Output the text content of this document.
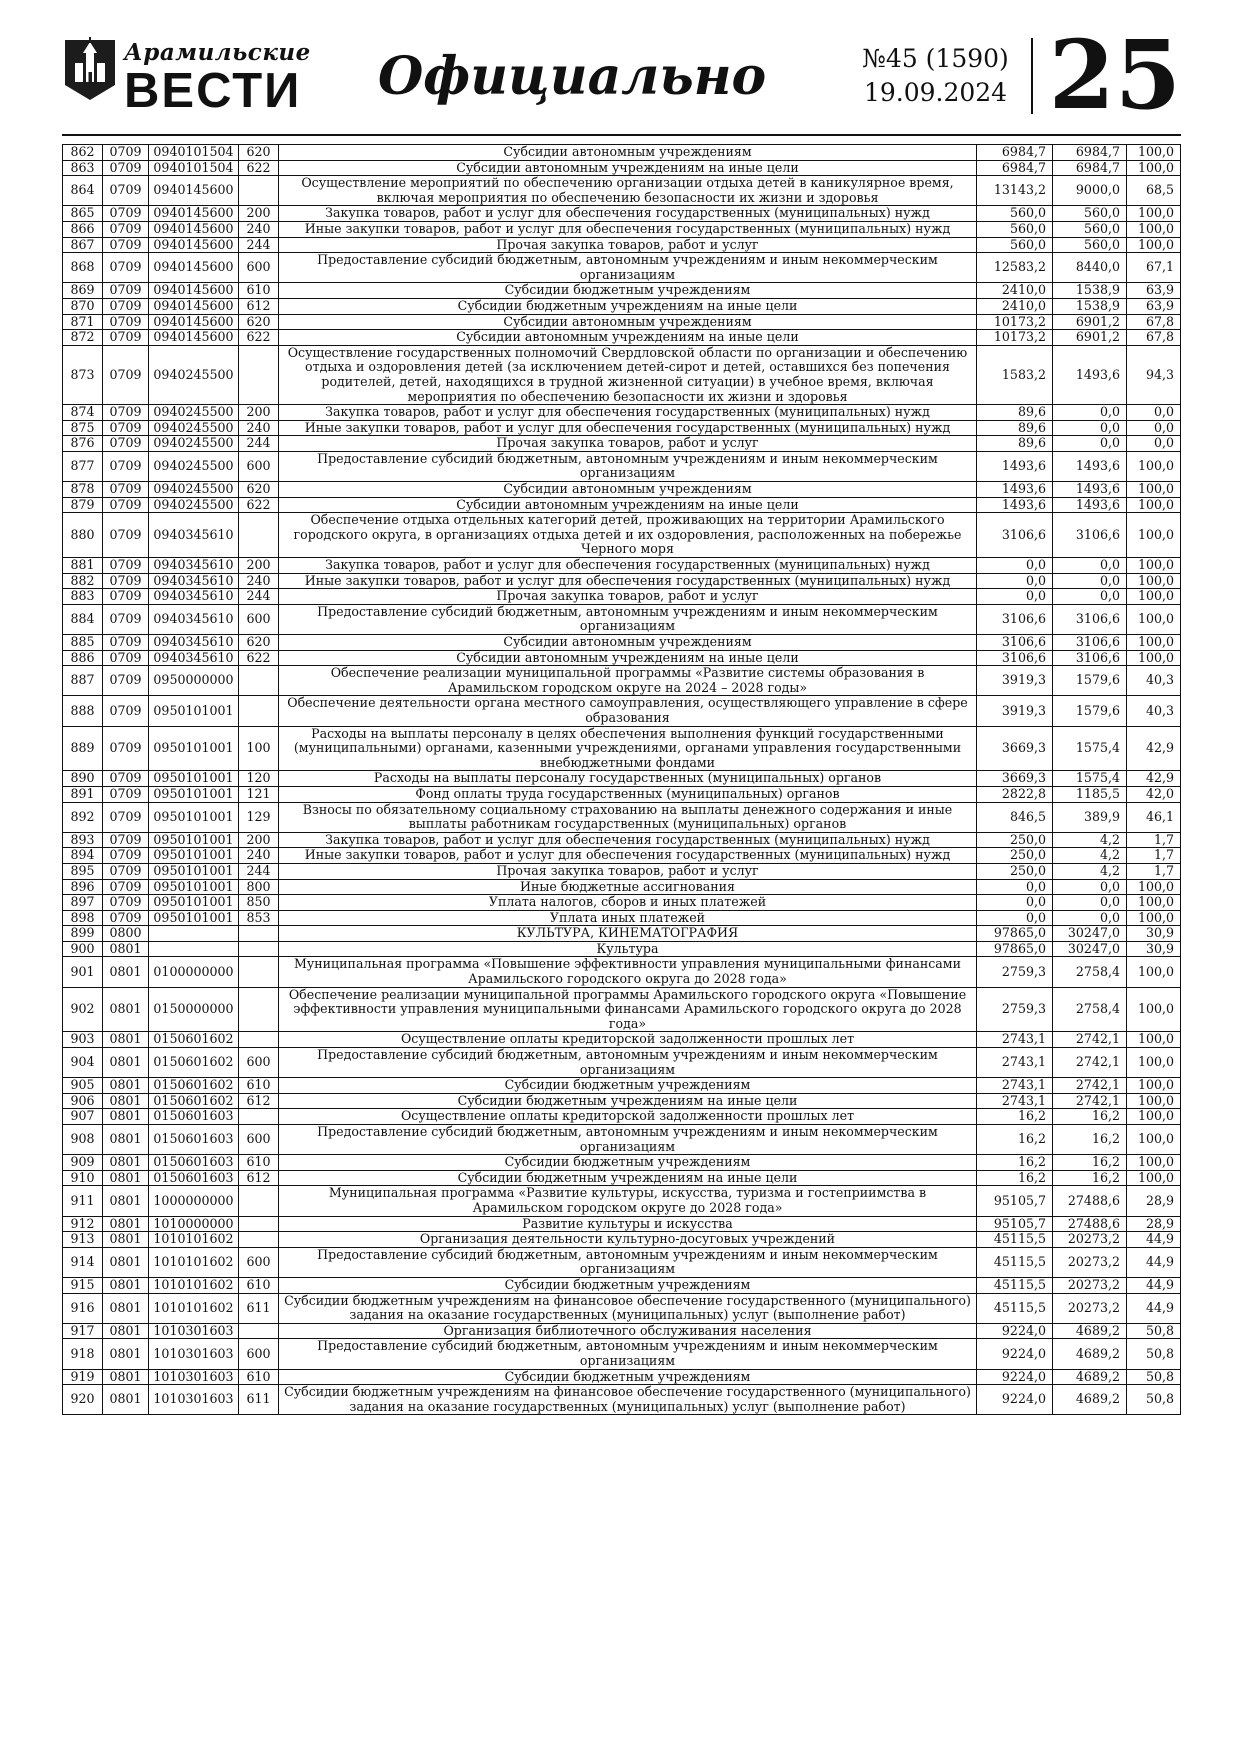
Арамильские
ВЕСТИ	Официально	№45 (1590)
19.09.2024 25
862	0709	0940101504	620	Субсидии автономным учреждениям	6984,7	6984,7	100,0
863	0709	0940101504	622	Субсидии автономным учреждениям на иные цели	6984,7	6984,7	100,0
864	0709	0940145600		Осуществление мероприятий по обеспечению организации отдыха детей в каникулярное время, включая мероприятия по обеспечению безопасности их жизни и здоровья	13143,2	9000,0	68,5
865	0709	0940145600	200	Закупка товаров, работ и услуг для обеспечения государственных (муниципальных) нужд	560,0	560,0	100,0
866	0709	0940145600	240	Иные закупки товаров, работ и услуг для обеспечения государственных (муниципальных) нужд	560,0	560,0	100,0
867	0709	0940145600	244	Прочая закупка товаров, работ и услуг	560,0	560,0	100,0
868	0709	0940145600	600	Предоставление субсидий бюджетным, автономным учреждениям и иным некоммерческим организациям	12583,2	8440,0	67,1
869	0709	0940145600	610	Субсидии бюджетным учреждениям	2410,0	1538,9	63,9
870	0709	0940145600	612	Субсидии бюджетным учреждениям на иные цели	2410,0	1538,9	63,9
871	0709	0940145600	620	Субсидии автономным учреждениям	10173,2	6901,2	67,8
872	0709	0940145600	622	Субсидии автономным учреждениям на иные цели	10173,2	6901,2	67,8
873	0709	0940245500		Осуществление государственных полномочий Свердловской области по организации и обеспечению отдыха и оздоровления детей (за исключением детей-сирот и детей, оставшихся без попечения родителей, детей, находящихся в трудной жизненной ситуации) в учебное время, включая мероприятия по обеспечению безопасности их жизни и здоровья	1583,2	1493,6	94,3
874	0709	0940245500	200	Закупка товаров, работ и услуг для обеспечения государственных (муниципальных) нужд	89,6	0,0	0,0
875	0709	0940245500	240	Иные закупки товаров, работ и услуг для обеспечения государственных (муниципальных) нужд	89,6	0,0	0,0
876	0709	0940245500	244	Прочая закупка товаров, работ и услуг	89,6	0,0	0,0
877	0709	0940245500	600	Предоставление субсидий бюджетным, автономным учреждениям и иным некоммерческим организациям	1493,6	1493,6	100,0
878	0709	0940245500	620	Субсидии автономным учреждениям	1493,6	1493,6	100,0
879	0709	0940245500	622	Субсидии автономным учреждениям на иные цели	1493,6	1493,6	100,0
880	0709	0940345610		Обеспечение отдыха отдельных категорий детей, проживающих на территории Арамильского городского округа, в организациях отдыха детей и их оздоровления, расположенных на побережье Черного моря	3106,6	3106,6	100,0
881	0709	0940345610	200	Закупка товаров, работ и услуг для обеспечения государственных (муниципальных) нужд	0,0	0,0	100,0
882	0709	0940345610	240	Иные закупки товаров, работ и услуг для обеспечения государственных (муниципальных) нужд	0,0	0,0	100,0
883	0709	0940345610	244	Прочая закупка товаров, работ и услуг	0,0	0,0	100,0
884	0709	0940345610	600	Предоставление субсидий бюджетным, автономным учреждениям и иным некоммерческим организациям	3106,6	3106,6	100,0
885	0709	0940345610	620	Субсидии автономным учреждениям	3106,6	3106,6	100,0
886	0709	0940345610	622	Субсидии автономным учреждениям на иные цели	3106,6	3106,6	100,0
887	0709	0950000000		Обеспечение реализации муниципальной программы «Развитие системы образования в Арамильском городском округе на 2024 – 2028 годы»	3919,3	1579,6	40,3
888	0709	0950101001		Обеспечение деятельности органа местного самоуправления, осуществляющего управление в сфере образования	3919,3	1579,6	40,3
889	0709	0950101001	100	Расходы на выплаты персоналу в целях обеспечения выполнения функций государственными (муниципальными) органами, казенными учреждениями, органами управления государственными внебюджетными фондами	3669,3	1575,4	42,9
890	0709	0950101001	120	Расходы на выплаты персоналу государственных (муниципальных) органов	3669,3	1575,4	42,9
891	0709	0950101001	121	Фонд оплаты труда государственных (муниципальных) органов	2822,8	1185,5	42,0
892	0709	0950101001	129	Взносы по обязательному социальному страхованию на выплаты денежного содержания и иные выплаты работникам государственных (муниципальных) органов	846,5	389,9	46,1
893	0709	0950101001	200	Закупка товаров, работ и услуг для обеспечения государственных (муниципальных) нужд	250,0	4,2	1,7
894	0709	0950101001	240	Иные закупки товаров, работ и услуг для обеспечения государственных (муниципальных) нужд	250,0	4,2	1,7
895	0709	0950101001	244	Прочая закупка товаров, работ и услуг	250,0	4,2	1,7
896	0709	0950101001	800	Иные бюджетные ассигнования	0,0	0,0	100,0
897	0709	0950101001	850	Уплата налогов, сборов и иных платежей	0,0	0,0	100,0
898	0709	0950101001	853	Уплата иных платежей	0,0	0,0	100,0
899	0800			КУЛЬТУРА, КИНЕМАТОГРАФИЯ	97865,0	30247,0	30,9
900	0801			Культура	97865,0	30247,0	30,9
901	0801	0100000000		Муниципальная программа «Повышение эффективности управления муниципальными финансами Арамильского городского округа до 2028 года»	2759,3	2758,4	100,0
902	0801	0150000000		Обеспечение реализации муниципальной программы Арамильского городского округа «Повышение эффективности управления муниципальными финансами Арамильского городского округа до 2028 года»	2759,3	2758,4	100,0
903	0801	0150601602		Осуществление оплаты кредиторской задолженности прошлых лет	2743,1	2742,1	100,0
904	0801	0150601602	600	Предоставление субсидий бюджетным, автономным учреждениям и иным некоммерческим организациям	2743,1	2742,1	100,0
905	0801	0150601602	610	Субсидии бюджетным учреждениям	2743,1	2742,1	100,0
906	0801	0150601602	612	Субсидии бюджетным учреждениям на иные цели	2743,1	2742,1	100,0
907	0801	0150601603		Осуществление оплаты кредиторской задолженности прошлых лет	16,2	16,2	100,0
908	0801	0150601603	600	Предоставление субсидий бюджетным, автономным учреждениям и иным некоммерческим организациям	16,2	16,2	100,0
909	0801	0150601603	610	Субсидии бюджетным учреждениям	16,2	16,2	100,0
910	0801	0150601603	612	Субсидии бюджетным учреждениям на иные цели	16,2	16,2	100,0
911	0801	1000000000		Муниципальная программа «Развитие культуры, искусства, туризма и гостеприимства в Арамильском городском округе до 2028 года»	95105,7	27488,6	28,9
912	0801	1010000000		Развитие культуры и искусства	95105,7	27488,6	28,9
913	0801	1010101602		Организация деятельности культурно-досуговых учреждений	45115,5	20273,2	44,9
914	0801	1010101602	600	Предоставление субсидий бюджетным, автономным учреждениям и иным некоммерческим организациям	45115,5	20273,2	44,9
915	0801	1010101602	610	Субсидии бюджетным учреждениям	45115,5	20273,2	44,9
916	0801	1010101602	611	Субсидии бюджетным учреждениям на финансовое обеспечение государственного (муниципального) задания на оказание государственных (муниципальных) услуг (выполнение работ)	45115,5	20273,2	44,9
917	0801	1010301603		Организация библиотечного обслуживания населения	9224,0	4689,2	50,8
918	0801	1010301603	600	Предоставление субсидий бюджетным, автономным учреждениям и иным некоммерческим организациям	9224,0	4689,2	50,8
919	0801	1010301603	610	Субсидии бюджетным учреждениям	9224,0	4689,2	50,8
920	0801	1010301603	611	Субсидии бюджетным учреждениям на финансовое обеспечение государственного (муниципального) задания на оказание государственных (муниципальных) услуг (выполнение работ)	9224,0	4689,2	50,8
